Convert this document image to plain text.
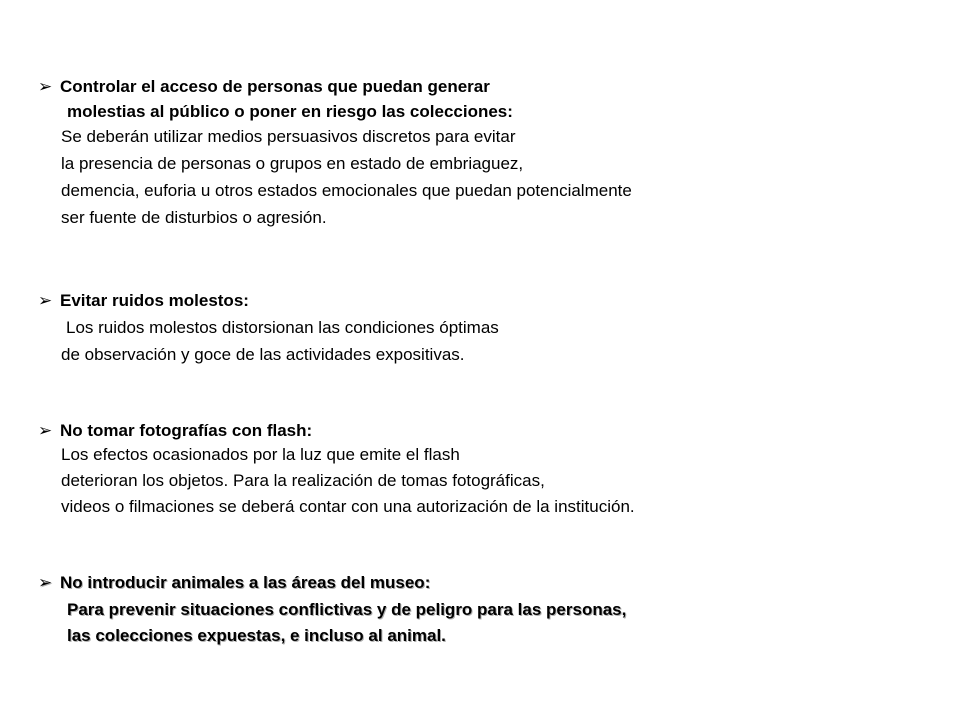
➢ Controlar el acceso de personas que puedan generar
molestias al público o poner en riesgo las colecciones:
Se deberán utilizar medios persuasivos discretos para evitar
la presencia de personas o grupos en estado de embriaguez,
demencia, euforia u otros estados emocionales que puedan potencialmente
ser fuente de disturbios o agresión.
➢ Evitar ruidos molestos:
Los ruidos molestos distorsionan las condiciones óptimas
de observación y goce de las actividades expositivas.
➢ No tomar fotografías con flash:
Los efectos ocasionados por la luz que emite el flash
deterioran los objetos. Para la realización de tomas fotográficas,
videos o filmaciones se deberá contar con una autorización de la institución.
➢ No introducir animales a las áreas del museo:
Para prevenir situaciones conflictivas y de peligro para las personas,
las colecciones expuestas, e incluso al animal.
